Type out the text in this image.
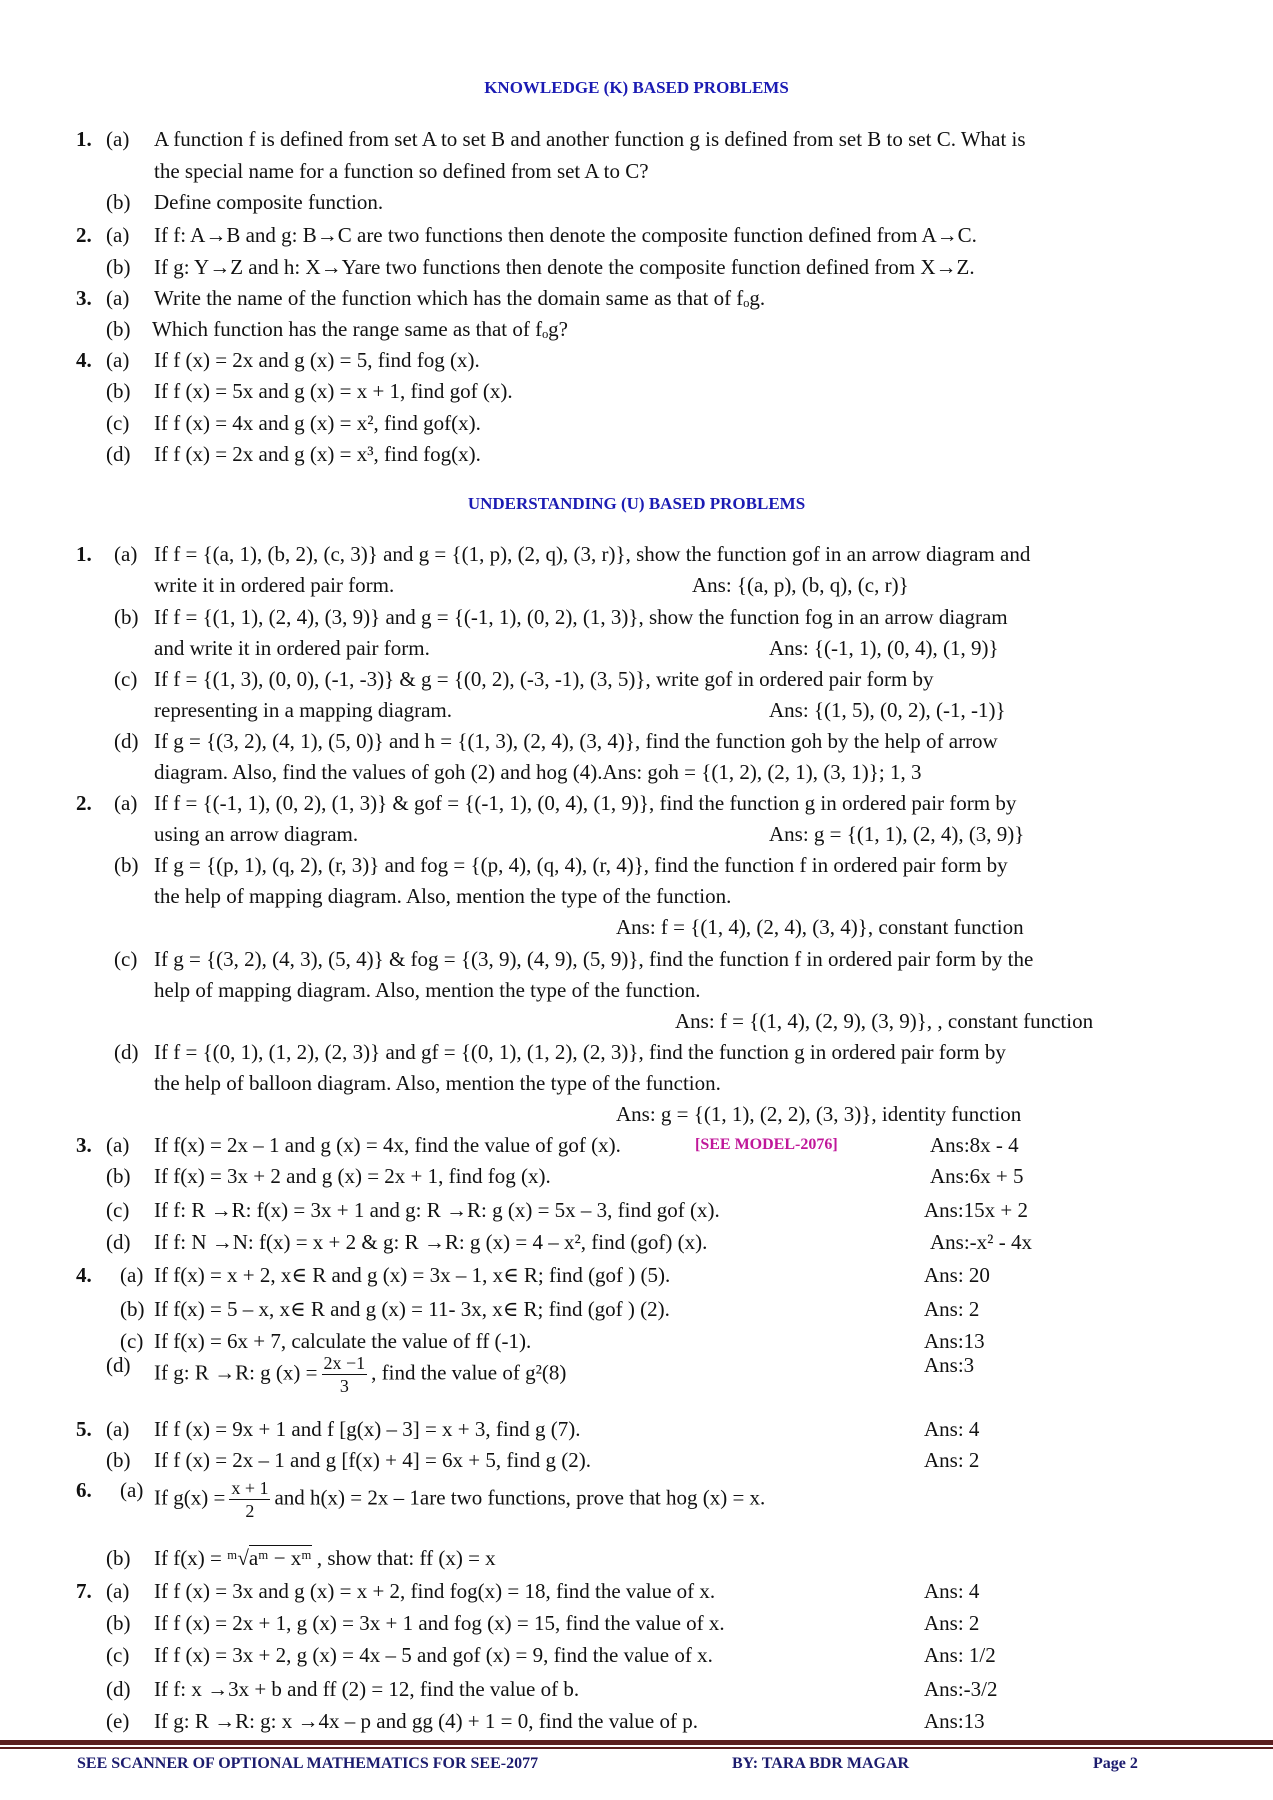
KNOWLEDGE (K) BASED PROBLEMS
UNDERSTANDING (U) BASED PROBLEMS
1. (a) A function f is defined from set A to set B and another function g is defined from set B to set C. What is
the special name for a function so defined from set A to C?
(b) Define composite function.
2. (a) If f: A→B and g: B→C are two functions then denote the composite function defined from A→C.
(b) If g: Y→Z and h: X→Yare two functions then denote the composite function defined from X→Z.
3. (a) Write the name of the function which has the domain same as that of fₒg.
(b) Which function has the range same as that of fₒg?
4. (a) If f (x) = 2x and g (x) = 5, find fog (x).
(b) If f (x) = 5x and g (x) = x + 1, find gof (x).
(c) If f (x) = 4x and g (x) = x², find gof(x).
(d) If f (x) = 2x and g (x) = x³, find fog(x).
1. (a) If f = {(a, 1), (b, 2), (c, 3)} and g = {(1, p), (2, q), (3, r)}, show the function gof in an arrow diagram and
write it in ordered pair form.	Ans: {(a, p), (b, q), (c, r)}
(b) If f = {(1, 1), (2, 4), (3, 9)} and g = {(-1, 1), (0, 2), (1, 3)}, show the function fog in an arrow diagram
and write it in ordered pair form.	Ans: {(-1, 1), (0, 4), (1, 9)}
(c) If f = {(1, 3), (0, 0), (-1, -3)} & g = {(0, 2), (-3, -1), (3, 5)}, write gof in ordered pair form by
representing in a mapping diagram.	Ans: {(1, 5), (0, 2), (-1, -1)}
(d) If g = {(3, 2), (4, 1), (5, 0)} and h = {(1, 3), (2, 4), (3, 4)}, find the function goh by the help of arrow
diagram. Also, find the values of goh (2) and hog (4).Ans: goh = {(1, 2), (2, 1), (3, 1)}; 1, 3
2. (a) If f = {(-1, 1), (0, 2), (1, 3)} & gof = {(-1, 1), (0, 4), (1, 9)}, find the function g in ordered pair form by
using an arrow diagram.	Ans: g = {(1, 1), (2, 4), (3, 9)}
(b) If g = {(p, 1), (q, 2), (r, 3)} and fog = {(p, 4), (q, 4), (r, 4)}, find the function f in ordered pair form by
the help of mapping diagram. Also, mention the type of the function.
Ans: f = {(1, 4), (2, 4), (3, 4)}, constant function
(c) If g = {(3, 2), (4, 3), (5, 4)} & fog = {(3, 9), (4, 9), (5, 9)}, find the function f in ordered pair form by the
help of mapping diagram. Also, mention the type of the function.
Ans: f = {(1, 4), (2, 9), (3, 9)}, , constant function
(d) If f = {(0, 1), (1, 2), (2, 3)} and gf = {(0, 1), (1, 2), (2, 3)}, find the function g in ordered pair form by
the help of balloon diagram. Also, mention the type of the function.
Ans: g = {(1, 1), (2, 2), (3, 3)}, identity function
3. (a) If f(x) = 2x – 1 and g (x) = 4x, find the value of gof (x).	[SEE MODEL-2076]	Ans:8x - 4
(b) If f(x) = 3x + 2 and g (x) = 2x + 1, find fog (x).	Ans:6x + 5
(c) If f: R →R: f(x) = 3x + 1 and g: R →R: g (x) = 5x – 3, find gof (x).	Ans:15x + 2
(d) If f: N →N: f(x) = x + 2 & g: R →R: g (x) = 4 – x², find (gof) (x).	Ans:-x² - 4x
4. (a) If f(x) = x + 2, x∈ R and g (x) = 3x – 1, x∈ R; find (gof ) (5).	Ans: 20
(b) If f(x) = 5 – x, x∈ R and g (x) = 11- 3x, x∈ R; find (gof ) (2).	Ans: 2
(c) If f(x) = 6x + 7, calculate the value of ff (-1).	Ans:13
(d) If g: R →R: g $(x) = \frac{2x -1}{3}$ , find the value of g²(8)	Ans:3
5. (a) If f (x) = 9x + 1 and f [g(x) – 3] = x + 3, find g (7).	Ans: 4
(b) If f (x) = 2x – 1 and g [f(x) + 4] = 6x + 5, find g (2).	Ans: 2
6. (a) If $g(x) = \frac{x + 1}{2}$ and h(x) = 2x – 1are two functions, prove that hog (x) = x.
(b) If f(x) = ᵐ√aᵐ − xᵐ , show that: ff (x) = x
7. (a) If f (x) = 3x and g (x) = x + 2, find fog(x) = 18, find the value of x.	Ans: 4
(b) If f (x) = 2x + 1, g (x) = 3x + 1 and fog (x) = 15, find the value of x.	Ans: 2
(c) If f (x) = 3x + 2, g (x) = 4x – 5 and gof (x) = 9, find the value of x.	Ans: 1/2
(d) If f: x →3x + b and ff (2) = 12, find the value of b.	Ans:-3/2
(e) If g: R →R: g: x →4x – p and gg (4) + 1 = 0, find the value of p.	Ans:13
SEE SCANNER OF OPTIONAL MATHEMATICS FOR SEE-2077	BY: TARA BDR MAGAR	Page 2
